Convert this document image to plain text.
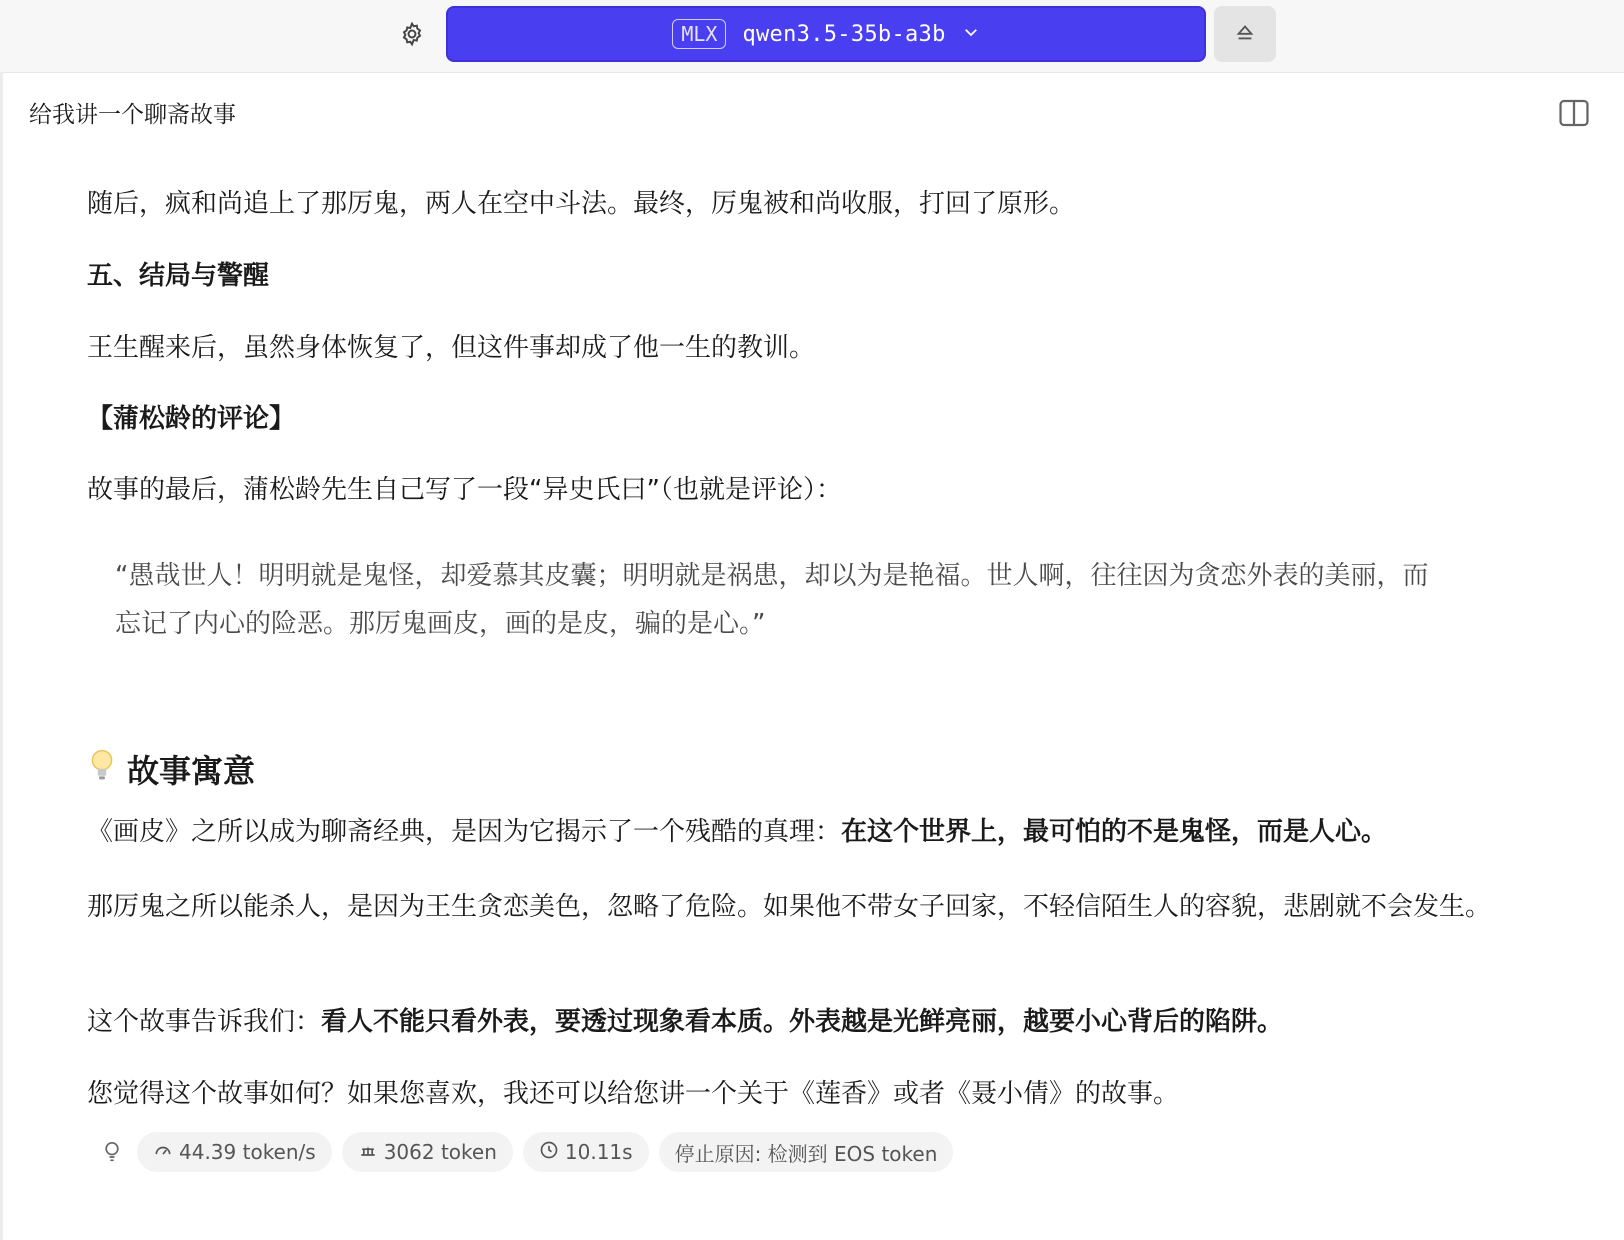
MLX	qwen3.5-35b-a3b
给我讲一个聊斋故事
随后，疯和尚追上了那厉鬼，两人在空中斗法。最终，厉鬼被和尚收服，打回了原形。
五、结局与警醒
王生醒来后，虽然身体恢复了，但这件事却成了他一生的教训。
【蒲松龄的评论】
故事的最后，蒲松龄先生自己写了一段“异史氏曰”（也就是评论）：
“愚哉世人！明明就是鬼怪，却爱慕其皮囊；明明就是祸患，却以为是艳福。世人啊，往往因为贪恋外表的美丽，而忘记了内心的险恶。那厉鬼画皮，画的是皮，骗的是心。”
故事寓意
《画皮》之所以成为聊斋经典，是因为它揭示了一个残酷的真理：在这个世界上，最可怕的不是鬼怪，而是人心。
那厉鬼之所以能杀人，是因为王生贪恋美色，忽略了危险。如果他不带女子回家，不轻信陌生人的容貌，悲剧就不会发生。
这个故事告诉我们：看人不能只看外表，要透过现象看本质。外表越是光鲜亮丽，越要小心背后的陷阱。
您觉得这个故事如何？如果您喜欢，我还可以给您讲一个关于《莲香》或者《聂小倩》的故事。
44.39 token/s	3062 token	10.11s 停止原因: 检测到 EOS token
